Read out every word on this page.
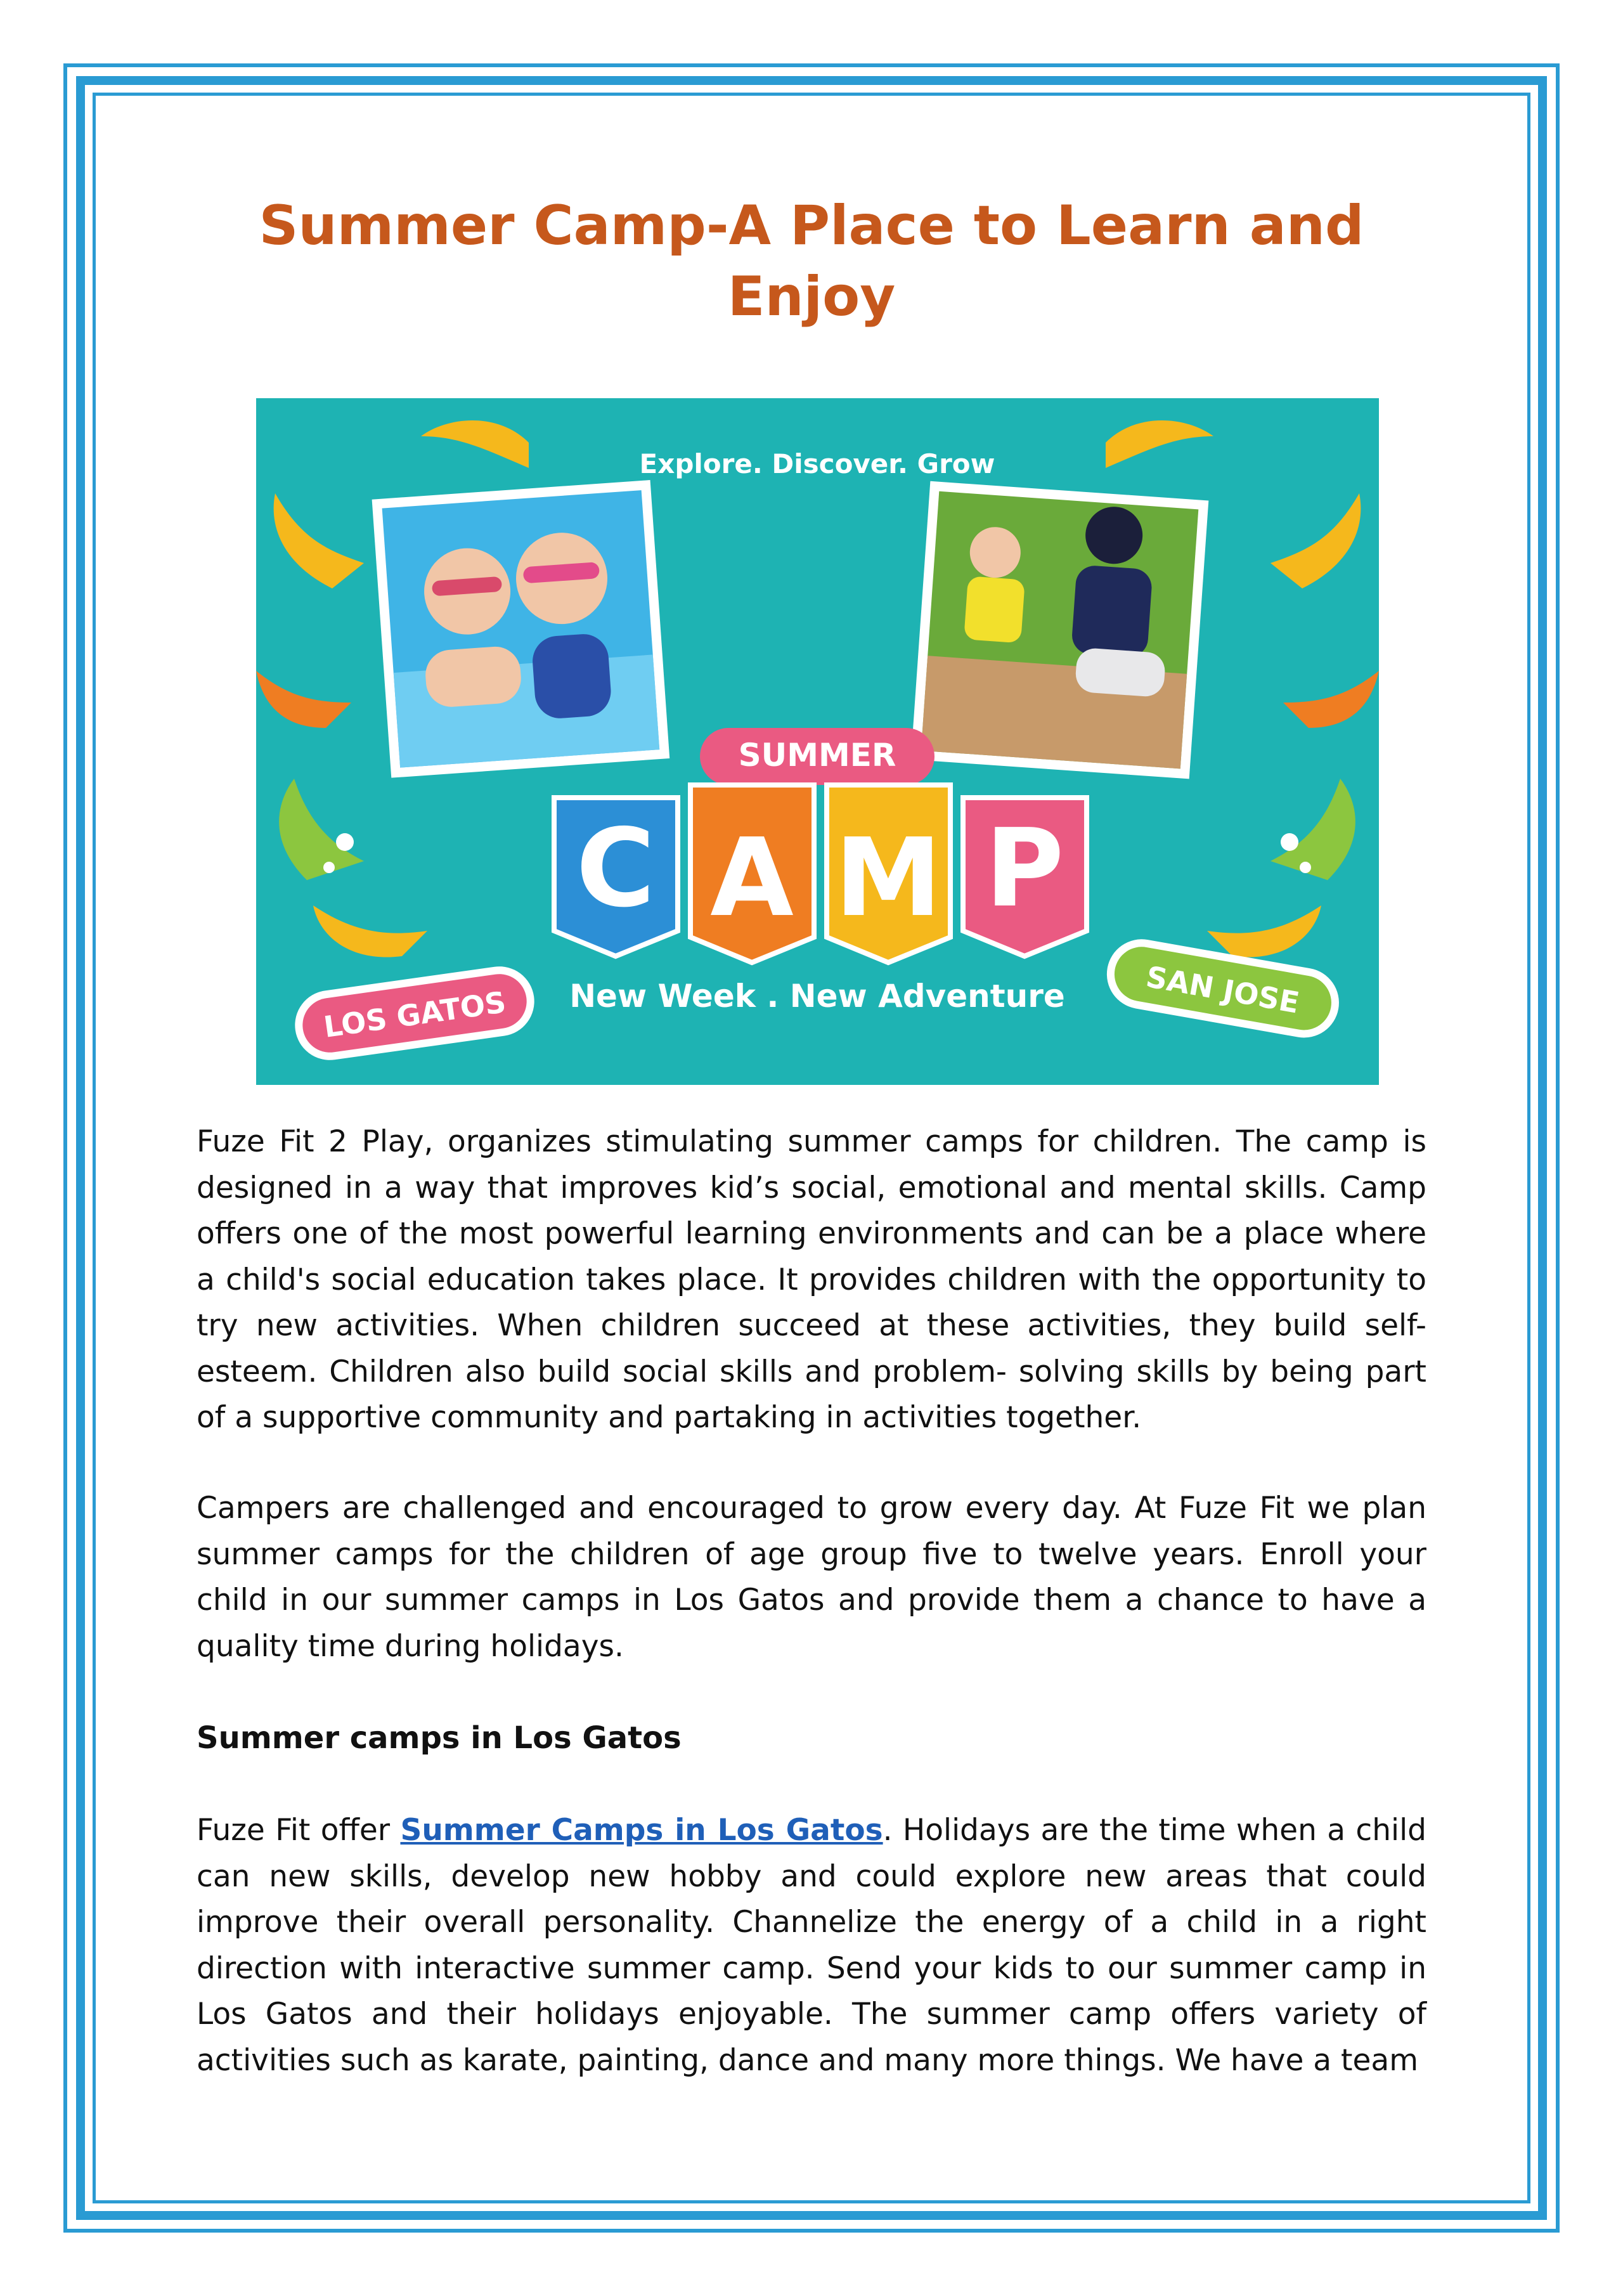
Summer Camp-A Place to Learn and Enjoy
Explore. Discover. Grow
SUMMER
C A M P
New Week . New Adventure
LOS GATOS	SAN JOSE

Fuze Fit 2 Play, organizes stimulating summer camps for children. The camp is designed in a way that improves kid’s social, emotional and mental skills. Camp offers one of the most powerful learning environments and can be a place where a child's social education takes place. It provides children with the opportunity to try new activities. When children succeed at these activities, they build self-esteem. Children also build social skills and problem- solving skills by being part of a supportive community and partaking in activities together.

Campers are challenged and encouraged to grow every day. At Fuze Fit we plan summer camps for the children of age group five to twelve years. Enroll your child in our summer camps in Los Gatos and provide them a chance to have a quality time during holidays.

Summer camps in Los Gatos

Fuze Fit offer Summer Camps in Los Gatos. Holidays are the time when a child can new skills, develop new hobby and could explore new areas that could improve their overall personality. Channelize the energy of a child in a right direction with interactive summer camp. Send your kids to our summer camp in Los Gatos and their holidays enjoyable. The summer camp offers variety of activities such as karate, painting, dance and many more things. We have a team
